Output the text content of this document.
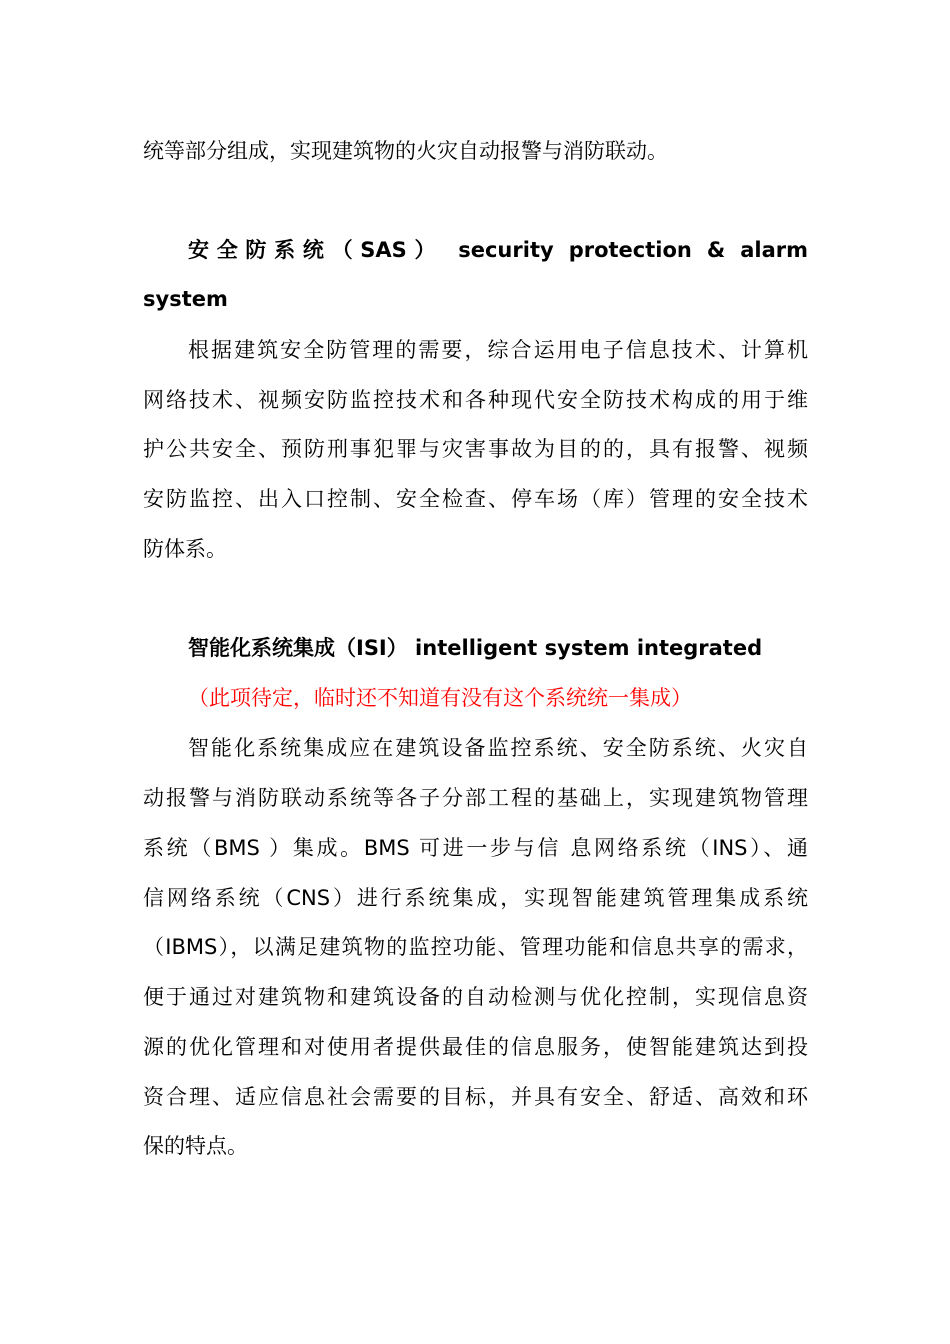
统等部分组成，实现建筑物的火灾自动报警与消防联动。
安全防系统（SAS） security protection & alarm
system
根据建筑安全防管理的需要，综合运用电子信息技术、计算机
网络技术、视频安防监控技术和各种现代安全防技术构成的用于维
护公共安全、预防刑事犯罪与灾害事故为目的的，具有报警、视频
安防监控、出入口控制、安全检查、停车场（库）管理的安全技术
防体系。
智能化系统集成（ISI） intelligent system integrated
（此项待定，临时还不知道有没有这个系统统一集成）
智能化系统集成应在建筑设备监控系统、安全防系统、火灾自
动报警与消防联动系统等各子分部工程的基础上，实现建筑物管理
系统（BMS ）集成。BMS 可进一步与信 息网络系统（INS）、通
信网络系统（CNS）进行系统集成，实现智能建筑管理集成系统
（IBMS），以满足建筑物的监控功能、管理功能和信息共享的需求，
便于通过对建筑物和建筑设备的自动检测与优化控制，实现信息资
源的优化管理和对使用者提供最佳的信息服务，使智能建筑达到投
资合理、适应信息社会需要的目标，并具有安全、舒适、高效和环
保的特点。
